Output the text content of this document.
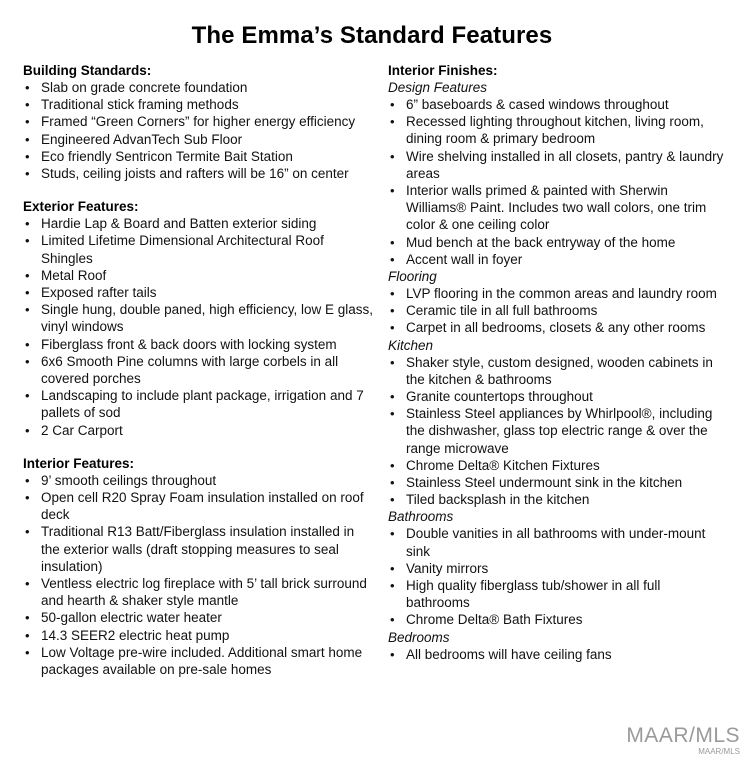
The Emma’s Standard Features
Building Standards:
• Slab on grade concrete foundation
• Traditional stick framing methods
• Framed “Green Corners” for higher energy efficiency
• Engineered AdvanTech Sub Floor
• Eco friendly Sentricon Termite Bait Station
• Studs, ceiling joists and rafters will be 16” on center
Exterior Features:
• Hardie Lap & Board and Batten exterior siding
• Limited Lifetime Dimensional Architectural Roof Shingles
• Metal Roof
• Exposed rafter tails
• Single hung, double paned, high efficiency, low E glass, vinyl windows
• Fiberglass front & back doors with locking system
• 6x6 Smooth Pine columns with large corbels in all covered porches
• Landscaping to include plant package, irrigation and 7 pallets of sod
• 2 Car Carport
Interior Features:
• 9’ smooth ceilings throughout
• Open cell R20 Spray Foam insulation installed on roof deck
• Traditional R13 Batt/Fiberglass insulation installed in the exterior walls (draft stopping measures to seal insulation)
• Ventless electric log fireplace with 5’ tall brick surround and hearth & shaker style mantle
• 50-gallon electric water heater
• 14.3 SEER2 electric heat pump
• Low Voltage pre-wire included. Additional smart home packages available on pre-sale homes
Interior Finishes:
Design Features
• 6” baseboards & cased windows throughout
• Recessed lighting throughout kitchen, living room, dining room & primary bedroom
• Wire shelving installed in all closets, pantry & laundry areas
• Interior walls primed & painted with Sherwin Williams® Paint. Includes two wall colors, one trim color & one ceiling color
• Mud bench at the back entryway of the home
• Accent wall in foyer
Flooring
• LVP flooring in the common areas and laundry room
• Ceramic tile in all full bathrooms
• Carpet in all bedrooms, closets & any other rooms
Kitchen
• Shaker style, custom designed, wooden cabinets in the kitchen & bathrooms
• Granite countertops throughout
• Stainless Steel appliances by Whirlpool®, including the dishwasher, glass top electric range & over the range microwave
• Chrome Delta® Kitchen Fixtures
• Stainless Steel undermount sink in the kitchen
• Tiled backsplash in the kitchen
Bathrooms
• Double vanities in all bathrooms with under-mount sink
• Vanity mirrors
• High quality fiberglass tub/shower in all full bathrooms
• Chrome Delta® Bath Fixtures
Bedrooms
• All bedrooms will have ceiling fans
MAAR/MLS
MAAR/MLS
